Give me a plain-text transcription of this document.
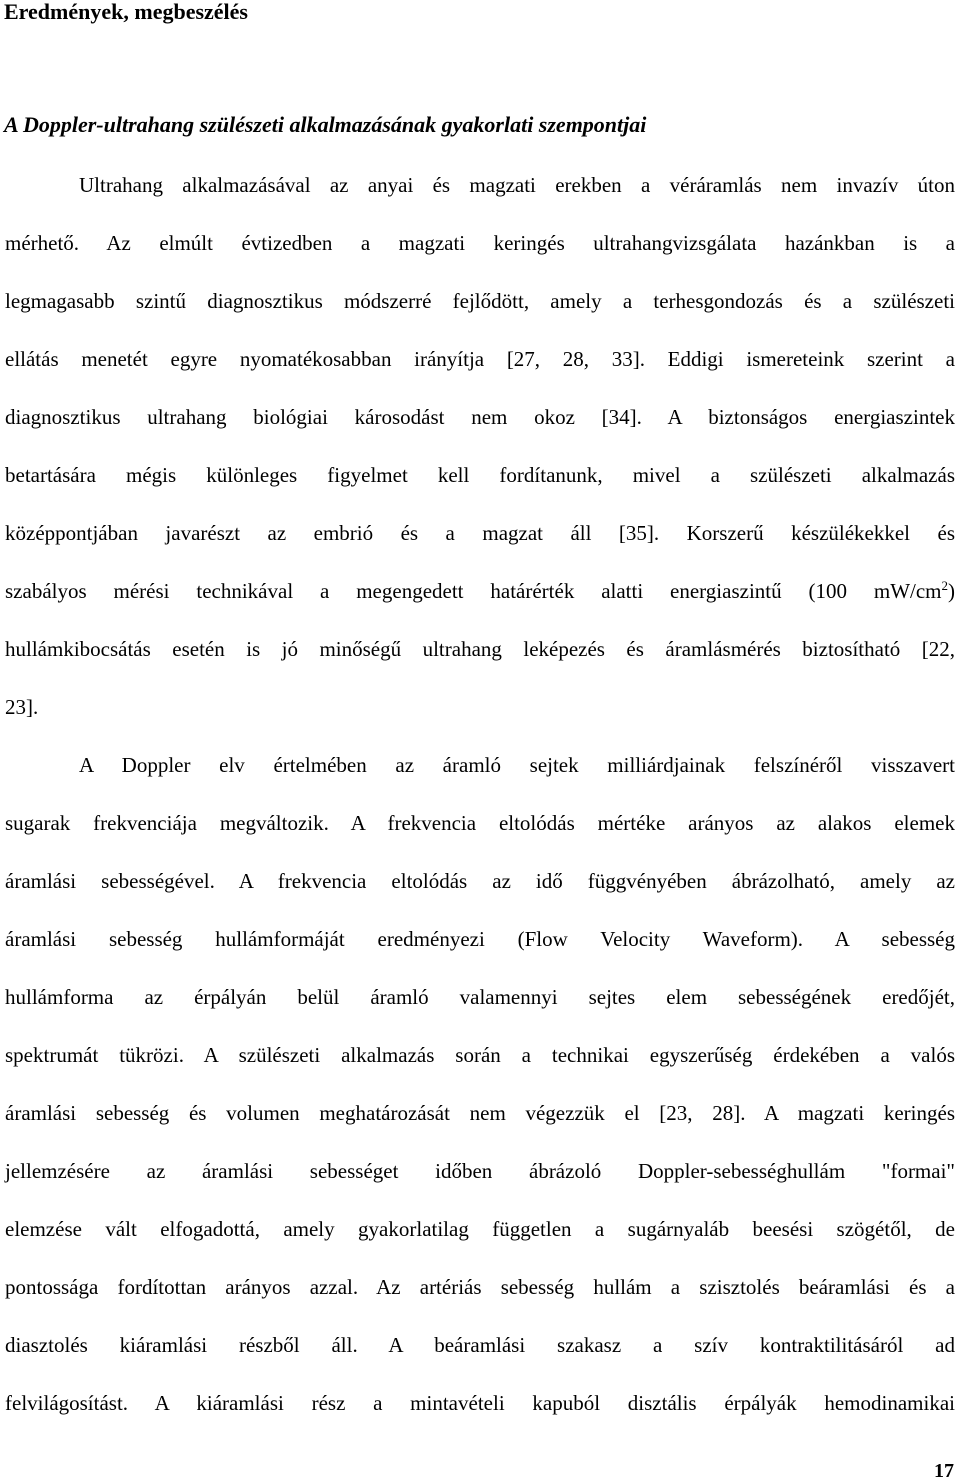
Eredmények, megbeszélés
A Doppler-ultrahang szülészeti alkalmazásának gyakorlati szempontjai
Ultrahang alkalmazásával az anyai és magzati erekben a véráramlás nem invazív úton
mérhető. Az elmúlt évtizedben a magzati keringés ultrahangvizsgálata hazánkban is a
legmagasabb szintű diagnosztikus módszerré fejlődött, amely a terhesgondozás és a szülészeti
ellátás menetét egyre nyomatékosabban irányítja [27, 28, 33]. Eddigi ismereteink szerint a
diagnosztikus ultrahang biológiai károsodást nem okoz [34]. A biztonságos energiaszintek
betartására mégis különleges figyelmet kell fordítanunk, mivel a szülészeti alkalmazás
középpontjában javarészt az embrió és a magzat áll [35]. Korszerű készülékekkel és
szabályos mérési technikával a megengedett határérték alatti energiaszintű (100 $mW/cm^2$)
hullámkibocsátás esetén is jó minőségű ultrahang leképezés és áramlásmérés biztosítható [22,
23].
A Doppler elv értelmében az áramló sejtek milliárdjainak felszínéről visszavert
sugarak frekvenciája megváltozik. A frekvencia eltolódás mértéke arányos az alakos elemek
áramlási sebességével. A frekvencia eltolódás az idő függvényében ábrázolható, amely az
áramlási sebesség hullámformáját eredményezi (Flow Velocity Waveform). A sebesség
hullámforma az érpályán belül áramló valamennyi sejtes elem sebességének eredőjét,
spektrumát tükrözi. A szülészeti alkalmazás során a technikai egyszerűség érdekében a valós
áramlási sebesség és volumen meghatározását nem végezzük el [23, 28]. A magzati keringés
jellemzésére az áramlási sebességet időben ábrázoló Doppler-sebességhullám "formai"
elemzése vált elfogadottá, amely gyakorlatilag független a sugárnyaláb beesési szögétől, de
pontossága fordítottan arányos azzal. Az artériás sebesség hullám a szisztolés beáramlási és a
diasztolés kiáramlási részből áll. A beáramlási szakasz a szív kontraktilitásáról ad
felvilágosítást. A kiáramlási rész a mintavételi kapuból disztális érpályák hemodinamikai
17
